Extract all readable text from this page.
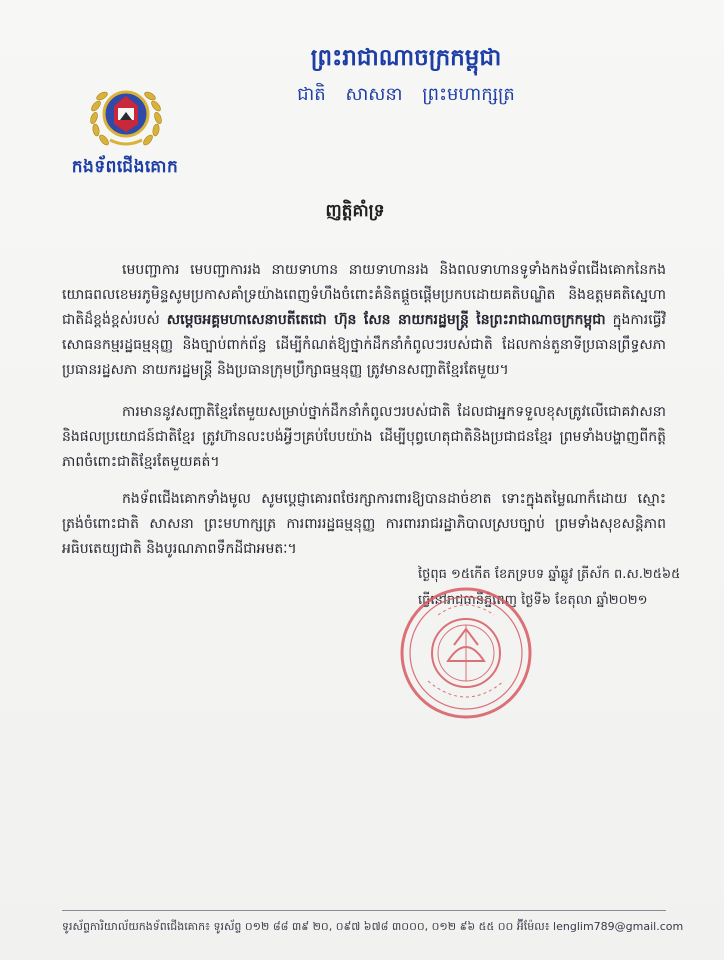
កងទ័ពជើងគោក
ព្រះរាជាណាចក្រកម្ពុជា
ជាតិ សាសនា ព្រះមហាក្សត្រ
ញត្តិគាំទ្រ
មេបញ្ជាការ មេបញ្ជាការរង នាយទាហាន នាយទាហានរង និងពលទាហានទូទាំងកងទ័ពជើងគោកនៃកងយោធពលខេមរភូមិន្ទសូមប្រកាសគាំទ្រយ៉ាងពេញទំហឹងចំពោះគំនិតផ្តួចផ្តើមប្រកបដោយគតិបណ្ឌិត និងឧត្តមគតិស្នេហាជាតិដ៏ខ្ពង់ខ្ពស់របស់ សម្តេចអគ្គមហាសេនាបតីតេជោ ហ៊ុន សែន នាយករដ្ឋមន្ត្រី នៃព្រះរាជាណាចក្រកម្ពុជា ក្នុងការធ្វើវិសោធនកម្មរដ្ឋធម្មនុញ្ញ និងច្បាប់ពាក់ព័ន្ធ ដើម្បីកំណត់ឱ្យថ្នាក់ដឹកនាំកំពូលៗរបស់ជាតិ ដែលកាន់តួនាទីប្រធានព្រឹទ្ធសភា ប្រធានរដ្ឋសភា នាយករដ្ឋមន្ត្រី និងប្រធានក្រុមប្រឹក្សាធម្មនុញ្ញ ត្រូវមានសញ្ជាតិខ្មែរតែមួយ។
ការមាននូវសញ្ជាតិខ្មែរតែមួយសម្រាប់ថ្នាក់ដឹកនាំកំពូលៗរបស់ជាតិ ដែលជាអ្នកទទួលខុសត្រូវលើជោគវាសនានិងផលប្រយោជន៍ជាតិខ្មែរ ត្រូវហ៊ានលះបង់អ្វីៗគ្រប់បែបយ៉ាង ដើម្បីបុព្វហេតុជាតិនិងប្រជាជនខ្មែរ ព្រមទាំងបង្ហាញពីកត្តិភាពចំពោះជាតិខ្មែរតែមួយគត់។
កងទ័ពជើងគោកទាំងមូល សូមប្តេជ្ញាគោរពថែរក្សាការពារឱ្យបានដាច់ខាត ទោះក្នុងតម្លៃណាក៏ដោយ ស្មោះត្រង់ចំពោះជាតិ សាសនា ព្រះមហាក្សត្រ ការពាររដ្ឋធម្មនុញ្ញ ការពាររាជរដ្ឋាភិបាលស្របច្បាប់ ព្រមទាំងសុខសន្តិភាព អធិបតេយ្យជាតិ និងបូរណភាពទឹកដីជាអមតៈ។
ថ្ងៃពុធ ១៥កើត ខែភទ្របទ ឆ្នាំឆ្លូវ ត្រីស័ក ព.ស.២៥៦៥
ធ្វើនៅរាជធានីភ្នំពេញ ថ្ងៃទី៦ ខែតុលា ឆ្នាំ២០២១
ទូរស័ព្ទការិយាល័យកងទ័ពជើងគោក៖ ទូរស័ព្ទ ០១២ ៨៨ ៣៩ ២០, ០៩៧ ៦៧៨ ៣០០០, ០១២ ៩៦ ៥៥ ០០ អ៊ីម៉ែល៖ lenglim789@gmail.com
